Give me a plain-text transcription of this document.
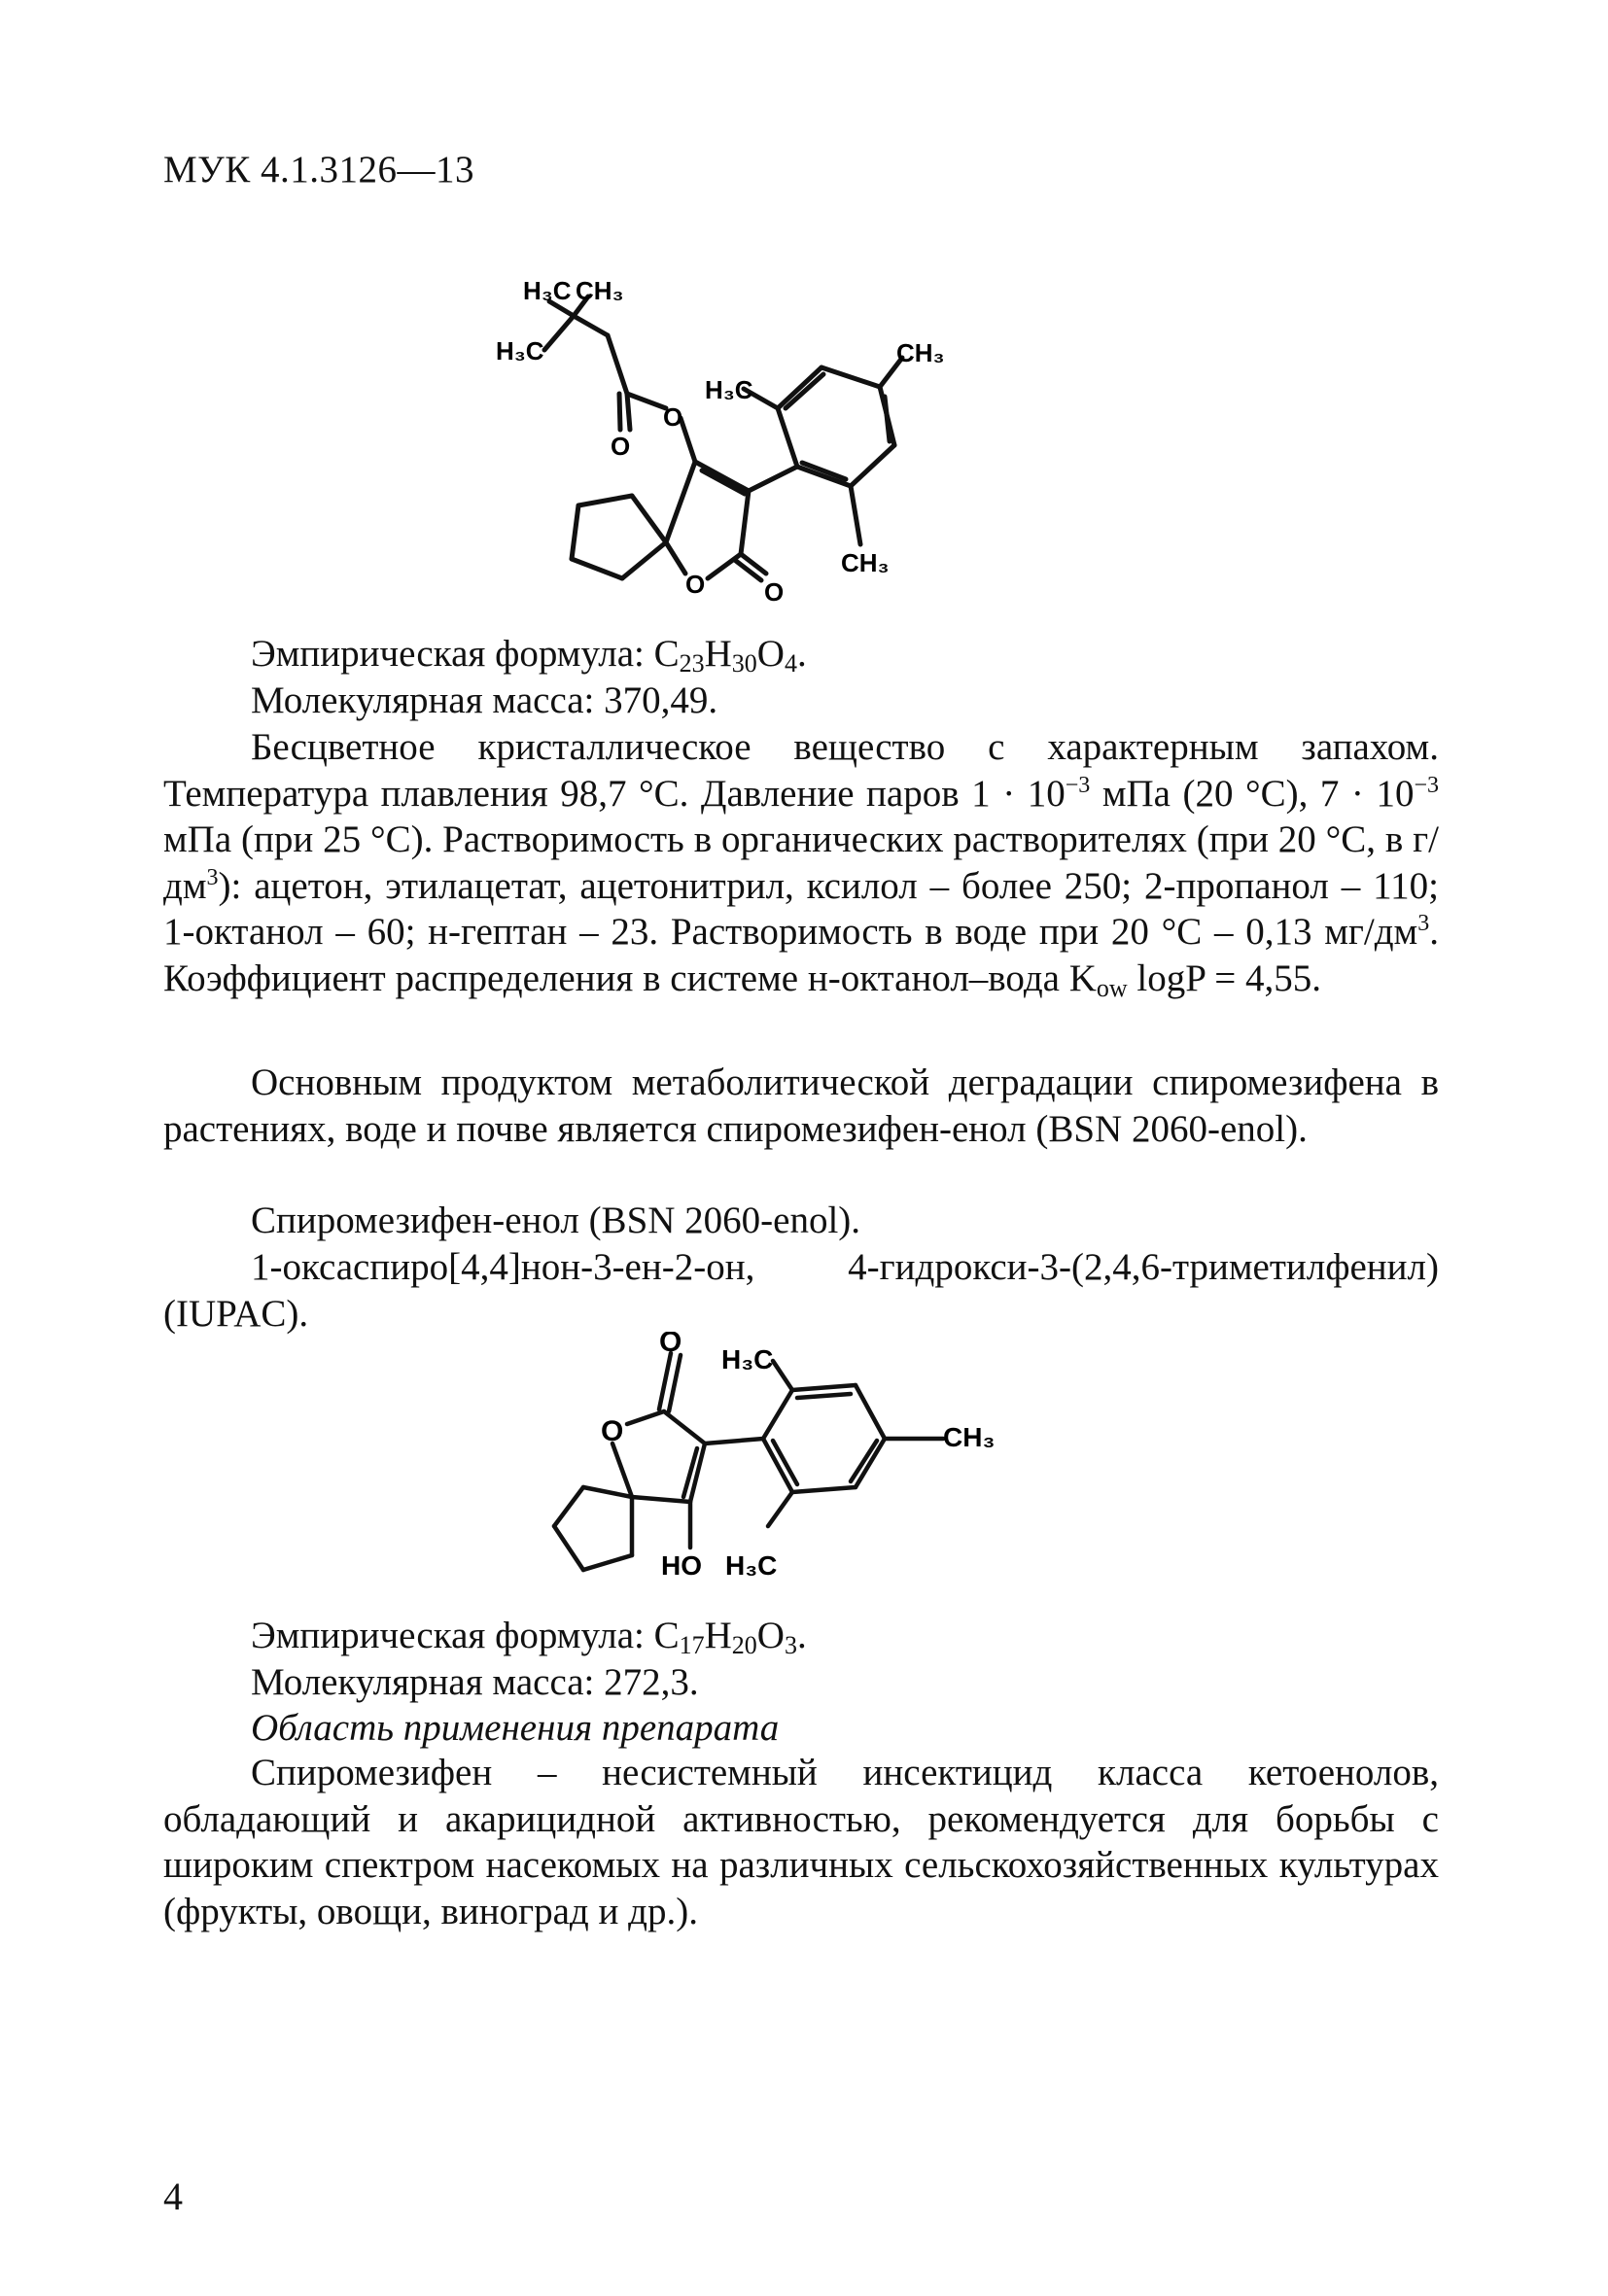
МУК 4.1.3126—13
H₃C CH₃
H₃C
O
O
H₃C
CH₃
CH₃
O O

Эмпирическая формула: $C_{23}H_{30}O_4$.

Молекулярная масса: 370,49.

Бесцветное кристаллическое вещество с характерным запахом. Температура плавления 98,7 °C. Давление паров $1 \cdot 10^{-3}$ мПа (20 °C), $7 \cdot 10^{-3}$ мПа (при 25 °C). Растворимость в органических растворителях (при 20 °C, в $г/дм^3$): ацетон, этилацетат, ацетонитрил, ксилол – более 250; 2-пропанол – 110; 1-октанол – 60; н-гептан – 23. Растворимость в воде при 20 °C – 0,13 $мг/дм^3$. Коэффициент распределения в системе н-октанол–вода $K_{ow}$ logP = 4,55.

Основным продуктом метаболитической деградации спиромезифена в растениях, воде и почве является спиромезифен-енол (BSN 2060-enol).

Спиромезифен-енол (BSN 2060-enol).

1-оксаспиро[4,4]нон-3-ен-2-он, 4-гидрокси-3-(2,4,6-триметилфенил) (IUPAC).

O
H₃C
O	CH₃
HO H₃C

Эмпирическая формула: $C_{17}H_{20}O_3$.

Молекулярная масса: 272,3.

Область применения препарата

Спиромезифен – несистемный инсектицид класса кетоенолов, обладающий и акарицидной активностью, рекомендуется для борьбы с широким спектром насекомых на различных сельскохозяйственных культурах (фрукты, овощи, виноград и др.).

4
